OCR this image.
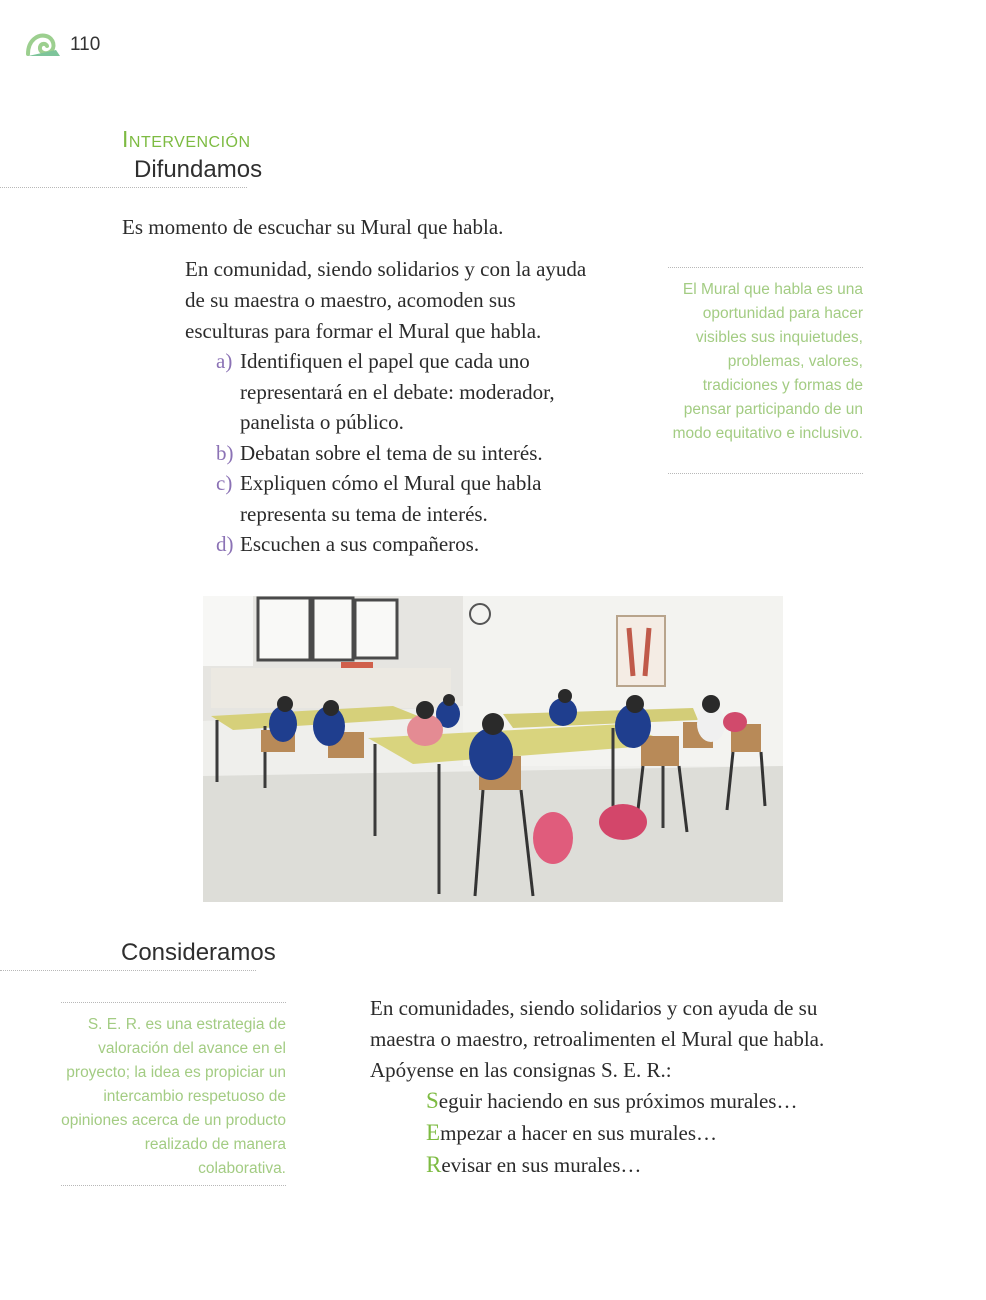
110
Intervención
Difundamos
Es momento de escuchar su Mural que habla.
En comunidad, siendo solidarios y con la ayuda de su maestra o maestro, acomoden sus esculturas para formar el Mural que habla.
a) Identifiquen el papel que cada uno representará en el debate: moderador, panelista o público.
b) Debatan sobre el tema de su interés.
c) Expliquen cómo el Mural que habla representa su tema de interés.
d) Escuchen a sus compañeros.
El Mural que habla es una oportunidad para hacer visibles sus inquietudes, problemas, valores, tradiciones y formas de pensar participando de un modo equitativo e inclusivo.
Consideramos
S. E. R. es una estrategia de valoración del avance en el proyecto; la idea es propiciar un intercambio respetuoso de opiniones acerca de un producto realizado de manera colaborativa.
En comunidades, siendo solidarios y con ayuda de su maestra o maestro, retroalimenten el Mural que habla. Apóyense en las consignas S. E. R.:
Seguir haciendo en sus próximos murales…
Empezar a hacer en sus murales…
Revisar en sus murales…
